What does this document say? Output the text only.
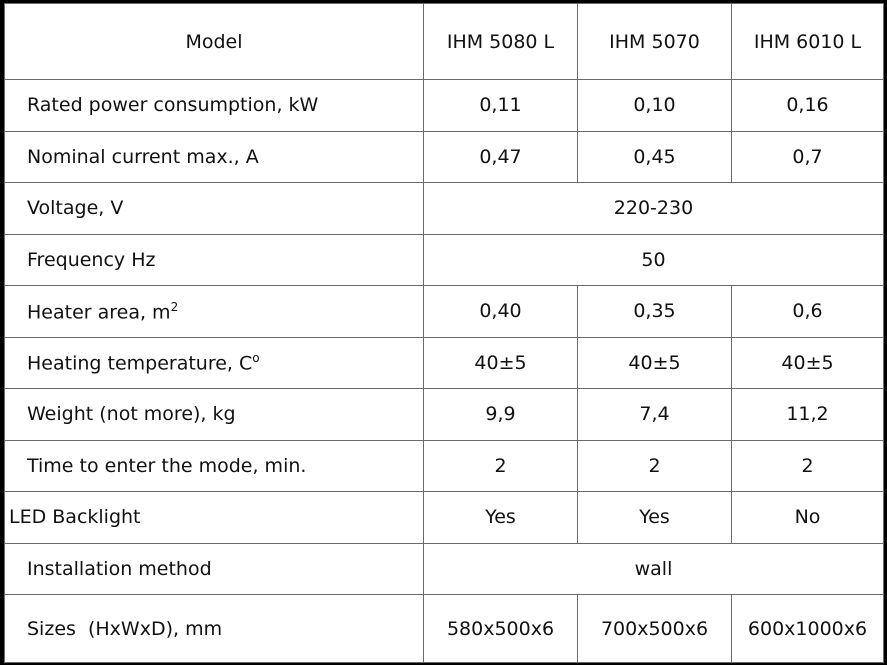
Model	IHM 5080 L	IHM 5070	IHM 6010 L
Rated power consumption, kW	0,11	0,10	0,16
Nominal current max., A	0,47	0,45	0,7
Voltage, V	220-230		
Frequency Hz	50		
Heater area, $m^2$	0,40	0,35	0,6
Heating temperature, $C^o$	40±5	40±5	40±5
Weight (not more), kg	9,9	7,4	11,2
Time to enter the mode, min.	2	2	2
LED Backlight	Yes	Yes	No
Installation method	wall		
Sizes  (HxWxD), mm	580x500x6	700x500x6	600x1000x6
